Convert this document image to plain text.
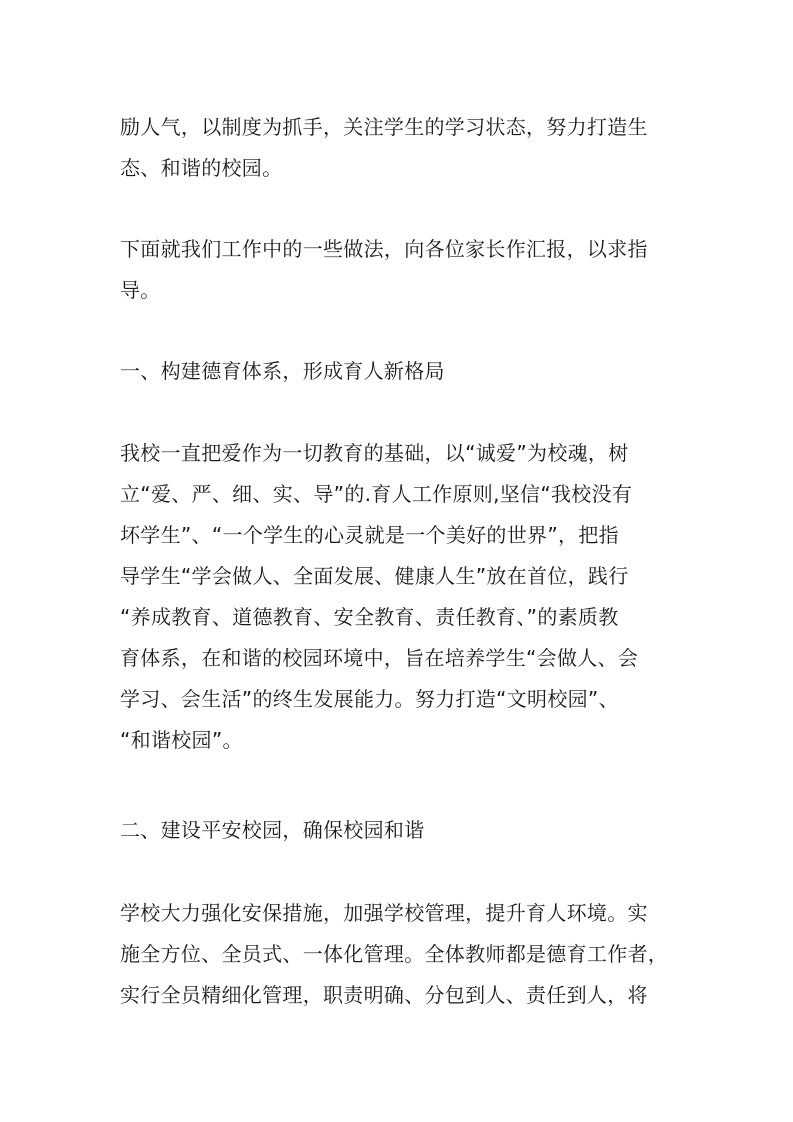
励人气，以制度为抓手，关注学生的学习状态，努力打造生
态、和谐的校园。

下面就我们工作中的一些做法，向各位家长作汇报，以求指
导。

一、构建德育体系，形成育人新格局

我校一直把爱作为一切教育的基础，以“诚爱”为校魂，树
立“爱、严、细、实、导”的.育人工作原则,坚信“我校没有
坏学生”、“一个学生的心灵就是一个美好的世界”，把指
导学生“学会做人、全面发展、健康人生”放在首位，践行
“养成教育、道德教育、安全教育、责任教育、”的素质教
育体系，在和谐的校园环境中，旨在培养学生“会做人、会
学习、会生活”的终生发展能力。努力打造“文明校园”、
“和谐校园”。

二、建设平安校园，确保校园和谐

学校大力强化安保措施，加强学校管理，提升育人环境。实
施全方位、全员式、一体化管理。全体教师都是德育工作者，
实行全员精细化管理，职责明确、分包到人、责任到人，将
